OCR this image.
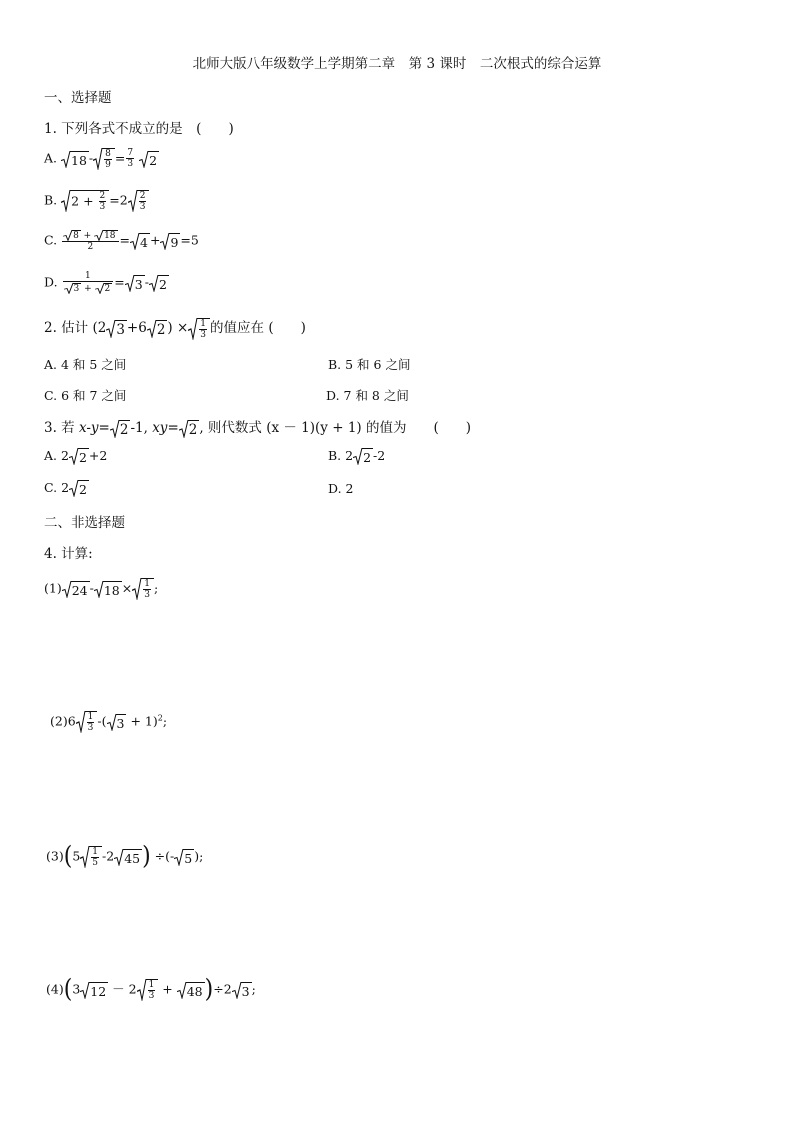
北师大版八年级数学上学期第二章　第 3 课时　二次根式的综合运算
一、选择题
1. 下列各式不成立的是　(　　)
A. $18 - \frac{8}{9} = \frac{7}{3}$
2
B. $2 + \frac{2}{3} =2 \frac{2}{3}$
C. 8 +
18
2 = 4 + 9 =5
D. 1
3 +
2 = 3 - 2
2. 估计 (2 3 +6 2 ) × $\frac{1}{3}$ 的值应在 (　　)
A. 4 和 5 之间	B. 5 和 6 之间
C. 6 和 7 之间	D. 7 和 8 之间
3. 若 x-y= 2 -1, xy= 2 , 则代数式 (x － 1)(y + 1) 的值为　　(　　)
A. 2 2 +2	B. 2 2 -2
C. 2 2	D. 2
二、非选择题
4. 计算:
(1) $24 - 18 \times \frac{1}{3}$ ;
$(2)6 \frac{1}{3}$ -( 3 + 1)$^2$;
$(3)(5 \frac{1}{5} -2$ 45) ÷(- 5 );
(4)(3 $12 - 2 \frac{1}{3}$ +
48)÷2 3 ;
